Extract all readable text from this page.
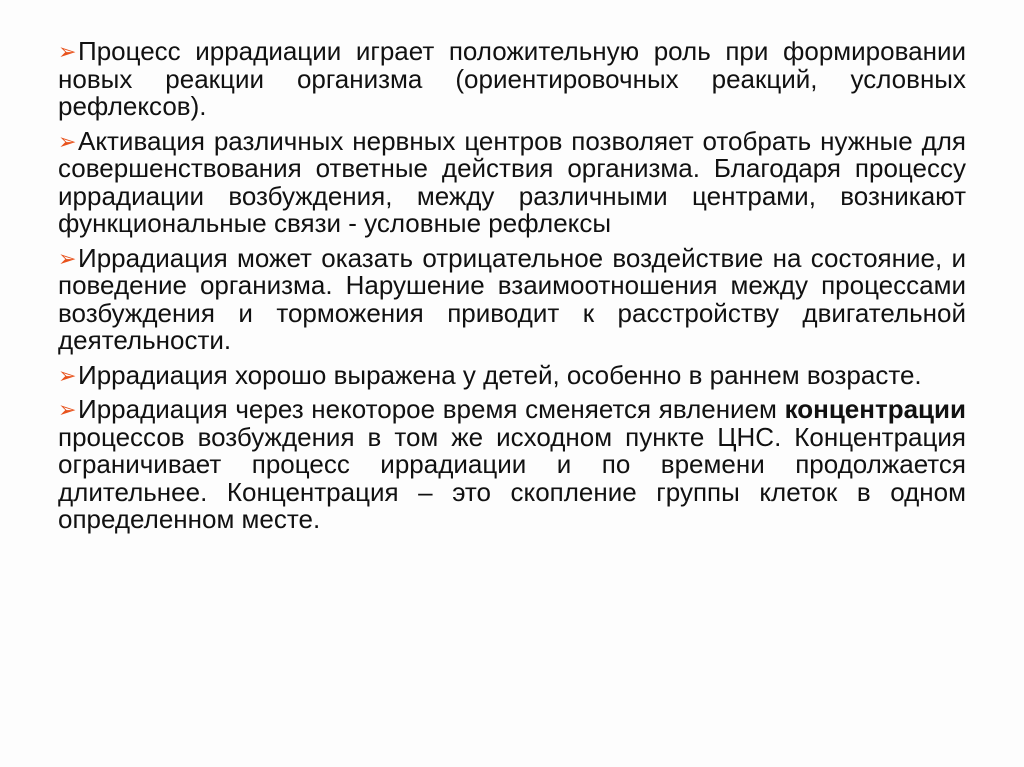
➢Процесс иррадиации играет положительную роль при формировании новых реакции организма (ориентировочных реакций, условных рефлексов).

➢Активация различных нервных центров позволяет отобрать нужные для совершенствования ответные действия организма. Благодаря процессу иррадиации возбуждения, между различными центрами, возникают функциональные связи - условные рефлексы

➢Иррадиация может оказать отрицательное воздействие на состояние, и поведение организма. Нарушение взаимоотношения между процессами возбуждения и торможения приводит к расстройству двигательной деятельности.

➢Иррадиация хорошо выражена у детей, особенно в раннем возрасте.

➢Иррадиация через некоторое время сменяется явлением концентрации процессов возбуждения в том же исходном пункте ЦНС. Концентрация ограничивает процесс иррадиации и по времени продолжается длительнее. Концентрация – это скопление группы клеток в одном определенном месте.
